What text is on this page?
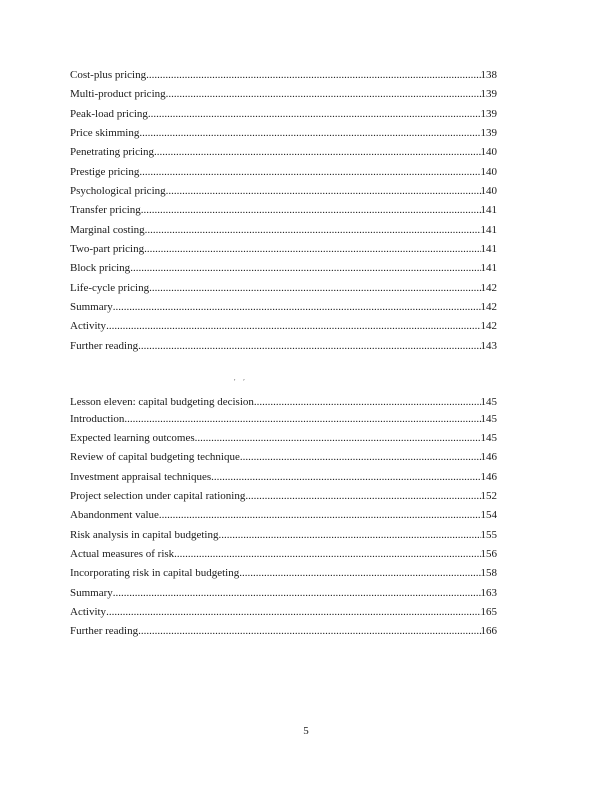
Cost-plus pricing .....	138
Multi-product pricing .....	139
Peak-load pricing .....	139
Price skimming .....	139
Penetrating pricing .....	140
Prestige pricing .....	140
Psychological pricing .....	140
Transfer pricing .....	141
Marginal costing .....	141
Two-part pricing .....	141
Block pricing .....	141
Life-cycle pricing .....	142
Summary .....	142
Activity .....	142
Further reading .....	143
Lesson eleven: capital budgeting decision .....	145
Introduction .....	145
Expected learning outcomes .....	145
Review of capital budgeting technique .....	146
Investment appraisal techniques .....	146
Project selection under capital rationing .....	152
Abandonment value .....	154
Risk analysis in capital budgeting .....	155
Actual measures of risk .....	156
Incorporating risk in capital budgeting .....	158
Summary .....	163
Activity .....	165
Further reading .....	166
′ ′
5
